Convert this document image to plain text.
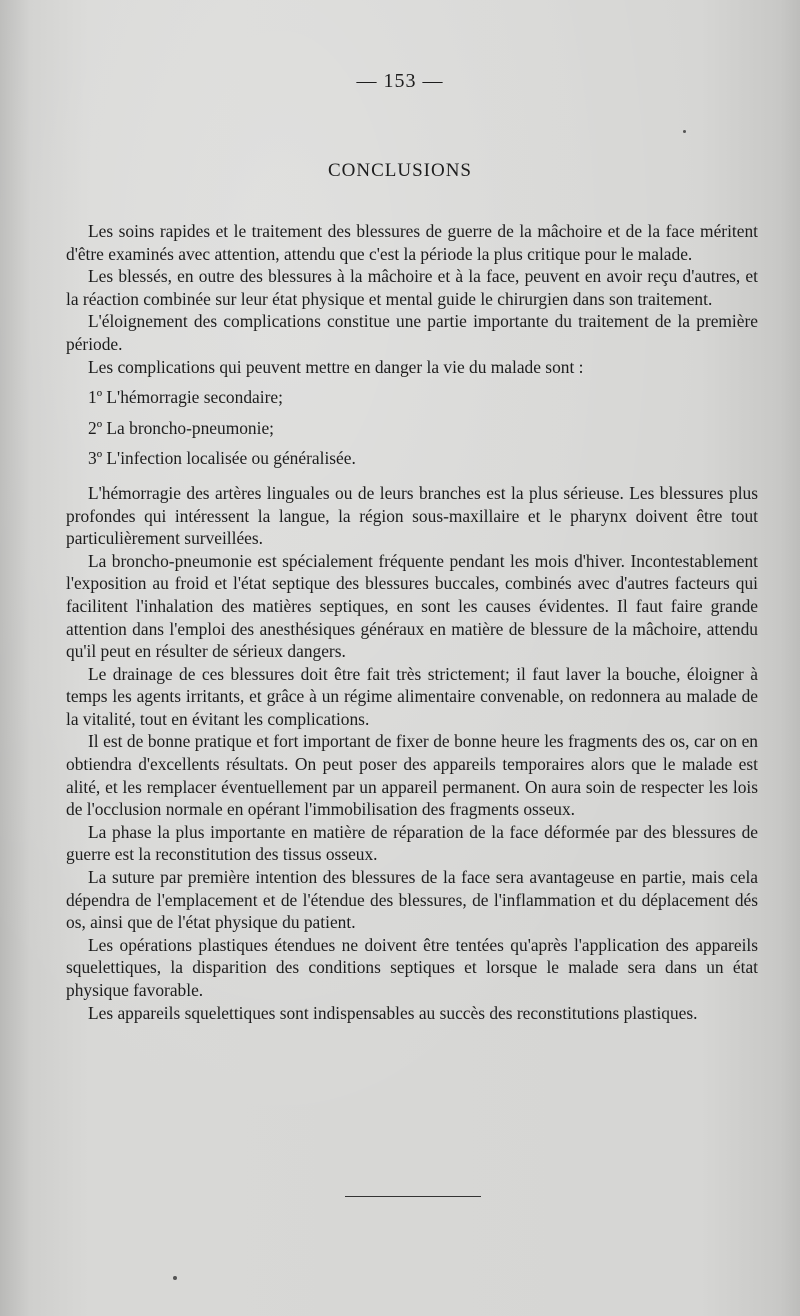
— 153 —
CONCLUSIONS

Les soins rapides et le traitement des blessures de guerre de la mâchoire et de la face méritent d'être examinés avec attention, attendu que c'est la période la plus critique pour le malade.

Les blessés, en outre des blessures à la mâchoire et à la face, peuvent en avoir reçu d'autres, et la réaction combinée sur leur état physique et mental guide le chirurgien dans son traitement.

L'éloignement des complications constitue une partie importante du traitement de la première période.

Les complications qui peuvent mettre en danger la vie du malade sont :

1º L'hémorragie secondaire;

2º La broncho-pneumonie;

3º L'infection localisée ou généralisée.

L'hémorragie des artères linguales ou de leurs branches est la plus sérieuse. Les blessures plus profondes qui intéressent la langue, la région sous-maxillaire et le pharynx doivent être tout particulièrement surveillées.

La broncho-pneumonie est spécialement fréquente pendant les mois d'hiver. Incontestablement l'exposition au froid et l'état septique des blessures buccales, combinés avec d'autres facteurs qui facilitent l'inhalation des matières septiques, en sont les causes évidentes. Il faut faire grande attention dans l'emploi des anesthésiques généraux en matière de blessure de la mâchoire, attendu qu'il peut en résulter de sérieux dangers.

Le drainage de ces blessures doit être fait très strictement; il faut laver la bouche, éloigner à temps les agents irritants, et grâce à un régime alimentaire convenable, on redonnera au malade de la vitalité, tout en évitant les complications.

Il est de bonne pratique et fort important de fixer de bonne heure les fragments des os, car on en obtiendra d'excellents résultats. On peut poser des appareils temporaires alors que le malade est alité, et les remplacer éventuellement par un appareil permanent. On aura soin de respecter les lois de l'occlusion normale en opérant l'immobilisation des fragments osseux.

La phase la plus importante en matière de réparation de la face déformée par des blessures de guerre est la reconstitution des tissus osseux.

La suture par première intention des blessures de la face sera avantageuse en partie, mais cela dépendra de l'emplacement et de l'étendue des blessures, de l'inflammation et du déplacement dés os, ainsi que de l'état physique du patient.

Les opérations plastiques étendues ne doivent être tentées qu'après l'application des appareils squelettiques, la disparition des conditions septiques et lorsque le malade sera dans un état physique favorable.

Les appareils squelettiques sont indispensables au succès des reconstitutions plastiques.
